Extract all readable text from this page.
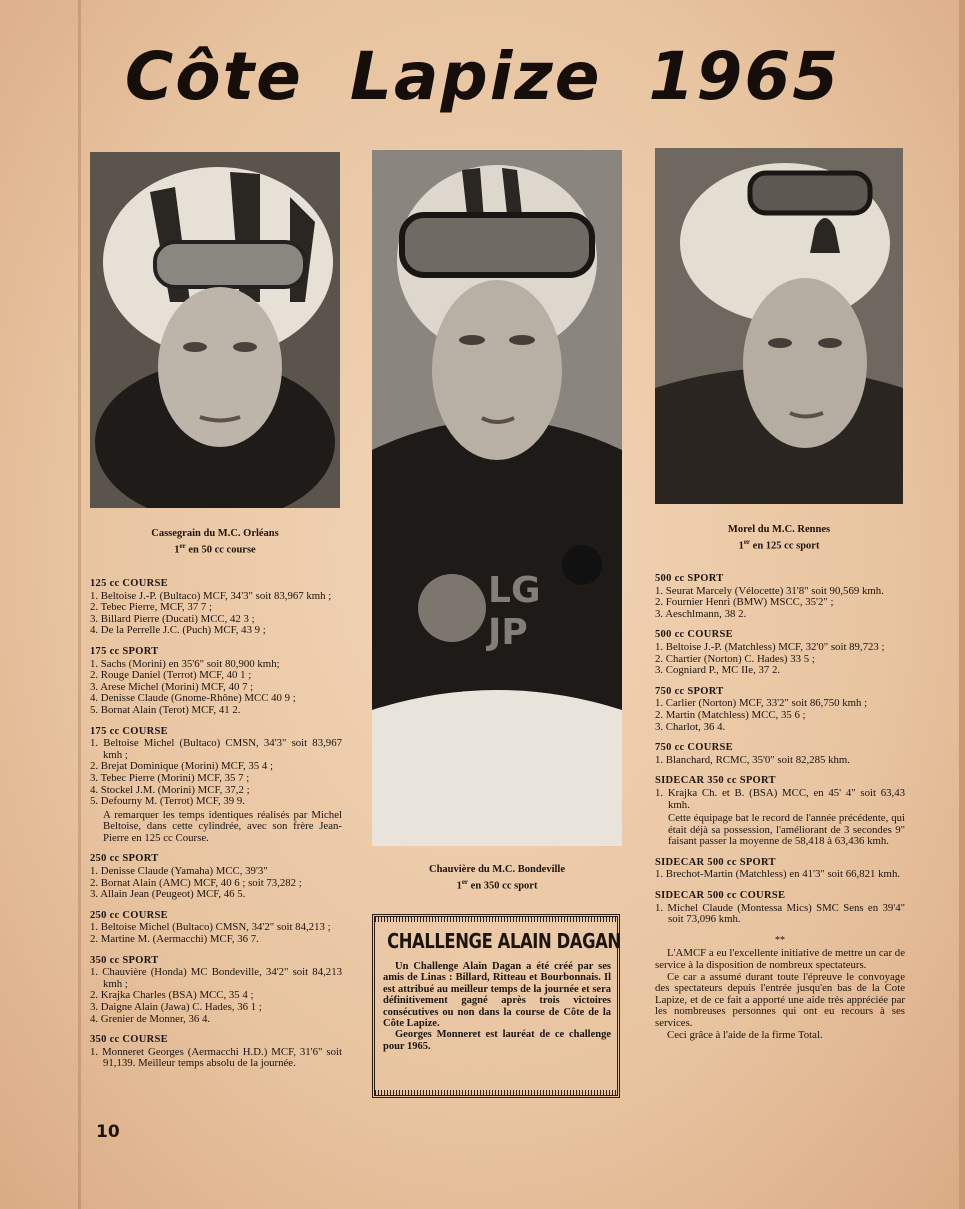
Côte Lapize 1965
Cassegrain du M.C. Orléans
1er en 50 cc course
Chauvière du M.C. Bondeville
1er en 350 cc sport
Morel du M.C. Rennes
1er en 125 cc sport
LG
JP
125 cc COURSE
1. Beltoise J.-P. (Bultaco) MCF, 34'3" soit 83,967 kmh ;
2. Tebec Pierre, MCF, 37 7 ;
3. Billard Pierre (Ducati) MCC, 42 3 ;
4. De la Perrelle J.C. (Puch) MCF, 43 9 ;
175 cc SPORT
1. Sachs (Morini) en 35'6" soit 80,900 kmh;
2. Rouge Daniel (Terrot) MCF, 40 1 ;
3. Arese Michel (Morini) MCF, 40 7 ;
4. Denisse Claude (Gnome-Rhône) MCC 40 9 ;
5. Bornat Alain (Terot) MCF, 41 2.
175 cc COURSE
1. Beltoise Michel (Bultaco) CMSN, 34'3" soit 83,967 kmh ;
2. Brejat Dominique (Morini) MCF, 35 4 ;
3. Tebec Pierre (Morini) MCF, 35 7 ;
4. Stockel J.M. (Morini) MCF, 37,2 ;
5. Defourny M. (Terrot) MCF, 39 9.
A remarquer les temps identiques réalisés par Michel Beltoise, dans cette cylindrée, avec son frère Jean-Pierre en 125 cc Course.
250 cc SPORT
1. Denisse Claude (Yamaha) MCC, 39'3"
2. Bornat Alain (AMC) MCF, 40 6 ; soit 73,282 ;
3. Allain Jean (Peugeot) MCF, 46 5.
250 cc COURSE
1. Beltoise Michel (Bultaco) CMSN, 34'2" soit 84,213 ;
2. Martine M. (Aermacchi) MCF, 36 7.
350 cc SPORT
1. Chauvière (Honda) MC Bondeville, 34'2" soit 84,213 kmh ;
2. Krajka Charles (BSA) MCC, 35 4 ;
3. Daigne Alain (Jawa) C. Hades, 36 1 ;
4. Grenier de Monner, 36 4.
350 cc COURSE
1. Monneret Georges (Aermacchi H.D.) MCF, 31'6" soit 91,139. Meilleur temps absolu de la journée.
500 cc SPORT
1. Seurat Marcely (Vélocette) 31'8" soit 90,569 kmh.
2. Fournier Henri (BMW) MSCC, 35'2" ;
3. Aeschlmann, 38 2.
500 cc COURSE
1. Beltoise J.-P. (Matchless) MCF, 32'0" soit 89,723 ;
2. Chartier (Norton) C. Hades) 33 5 ;
3. Cogniard P., MC IIe, 37 2.
750 cc SPORT
1. Carlier (Norton) MCF, 33'2" soit 86,750 kmh ;
2. Martin (Matchless) MCC, 35 6 ;
3. Charlot, 36 4.
750 cc COURSE
1. Blanchard, RCMC, 35'0" soit 82,285 khm.
SIDECAR 350 cc SPORT
1. Krajka Ch. et B. (BSA) MCC, en 45' 4" soit 63,43 kmh.
Cette équipage bat le record de l'année précédente, qui était déjà sa possession, l'améliorant de 3 secondes 9" faisant passer la moyenne de 58,418 à 63,436 kmh.
SIDECAR 500 cc SPORT
1. Brechot-Martin (Matchless) en 41'3" soit 66,821 kmh.
SIDECAR 500 cc COURSE
1. Michel Claude (Montessa Mics) SMC Sens en 39'4" soit 73,096 kmh.
**
L'AMCF a eu l'excellente initiative de mettre un car de service à la disposition de nombreux spectateurs.
Ce car a assumé durant toute l'épreuve le convoyage des spectateurs depuis l'entrée jusqu'en bas de la Cote Lapize, et de ce fait a apporté une aide très appréciée par les nombreuses personnes qui ont eu recours à ses services.
Ceci grâce à l'aide de la firme Total.
CHALLENGE ALAIN DAGAN

Un Challenge Alain Dagan a été créé par ses amis de Linas : Billard, Ritteau et Bourbonnais. Il est attribué au meilleur temps de la journée et sera définitivement gagné après trois victoires consécutives ou non dans la course de Côte de la Côte Lapize.

Georges Monneret est lauréat de ce challenge pour 1965.

10
